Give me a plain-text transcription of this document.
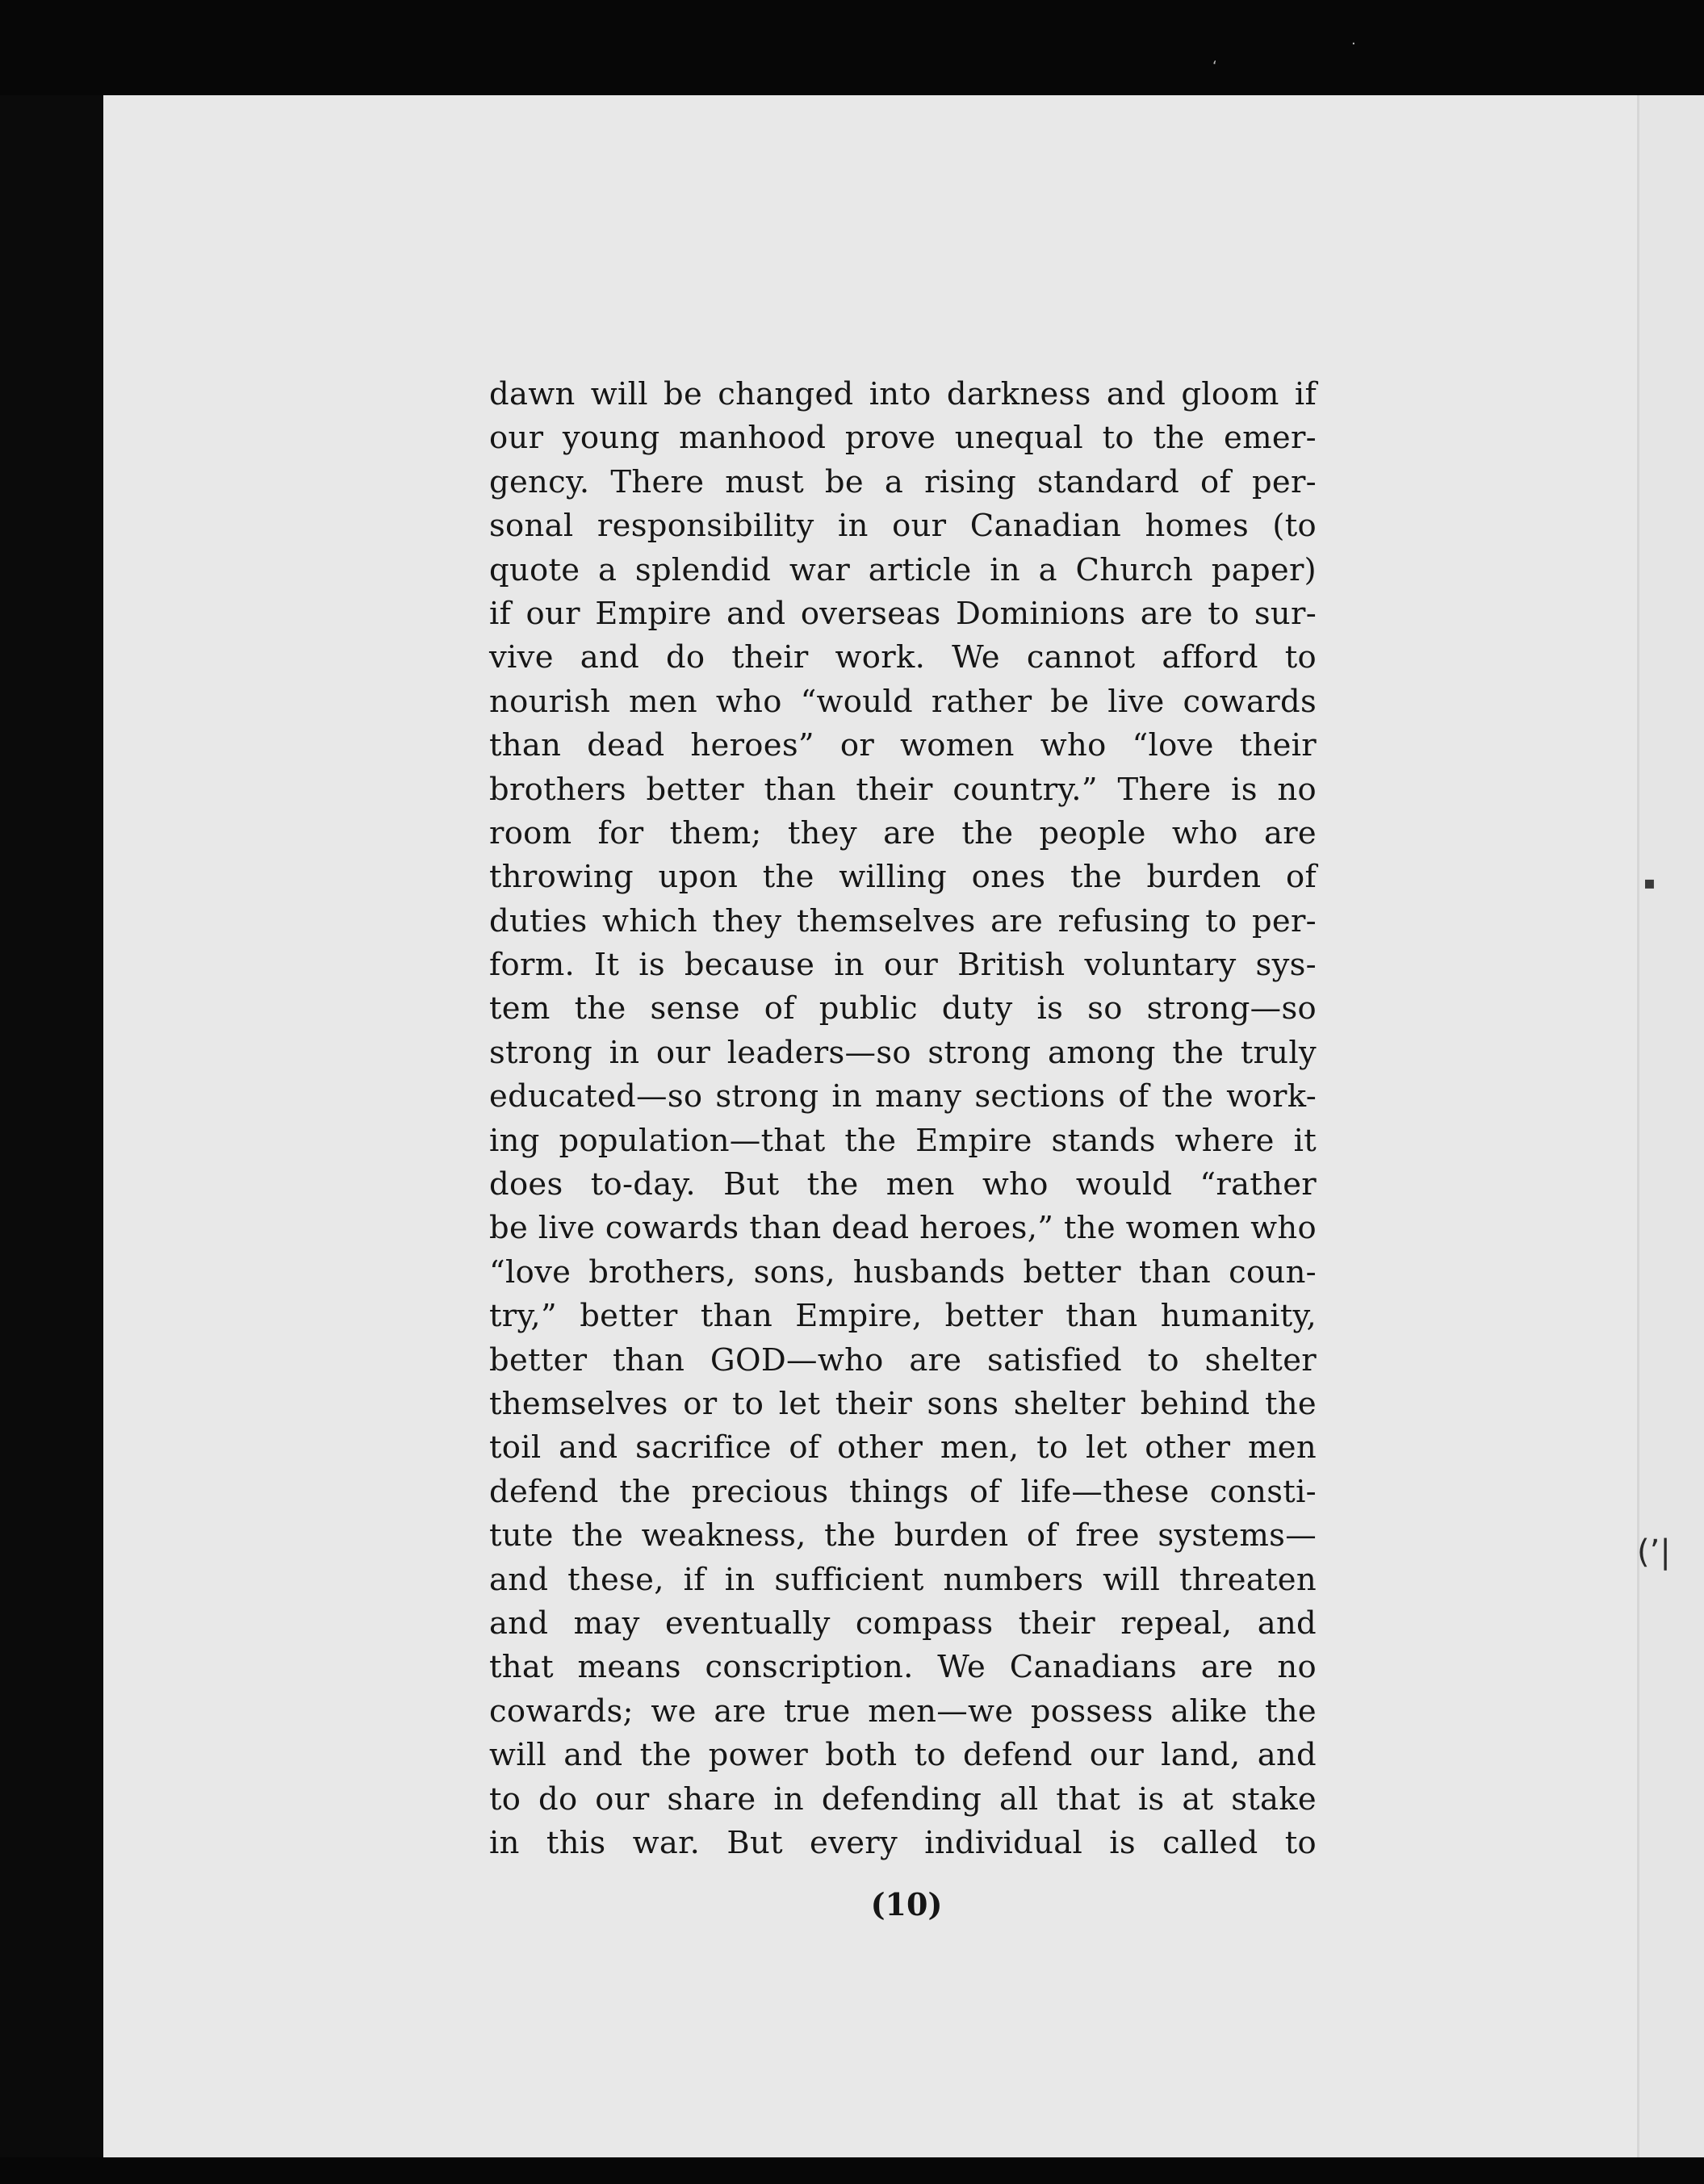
‘
·
▪
(’|
dawn will be changed into darkness and gloom if
our young manhood prove unequal to the emer-
gency. There must be a rising standard of per-
sonal responsibility in our Canadian homes (to
quote a splendid war article in a Church paper)
if our Empire and overseas Dominions are to sur-
vive and do their work. We cannot afford to
nourish men who “would rather be live cowards
than dead heroes” or women who “love their
brothers better than their country.” There is no
room for them; they are the people who are
throwing upon the willing ones the burden of
duties which they themselves are refusing to per-
form. It is because in our British voluntary sys-
tem the sense of public duty is so strong—so
strong in our leaders—so strong among the truly
educated—so strong in many sections of the work-
ing population—that the Empire stands where it
does to-day. But the men who would “rather
be live cowards than dead heroes,” the women who
“love brothers, sons, husbands better than coun-
try,” better than Empire, better than humanity,
better than GOD—who are satisfied to shelter
themselves or to let their sons shelter behind the
toil and sacrifice of other men, to let other men
defend the precious things of life—these consti-
tute the weakness, the burden of free systems—
and these, if in sufficient numbers will threaten
and may eventually compass their repeal, and
that means conscription. We Canadians are no
cowards; we are true men—we possess alike the
will and the power both to defend our land, and
to do our share in defending all that is at stake
in this war. But every individual is called to
(10)
